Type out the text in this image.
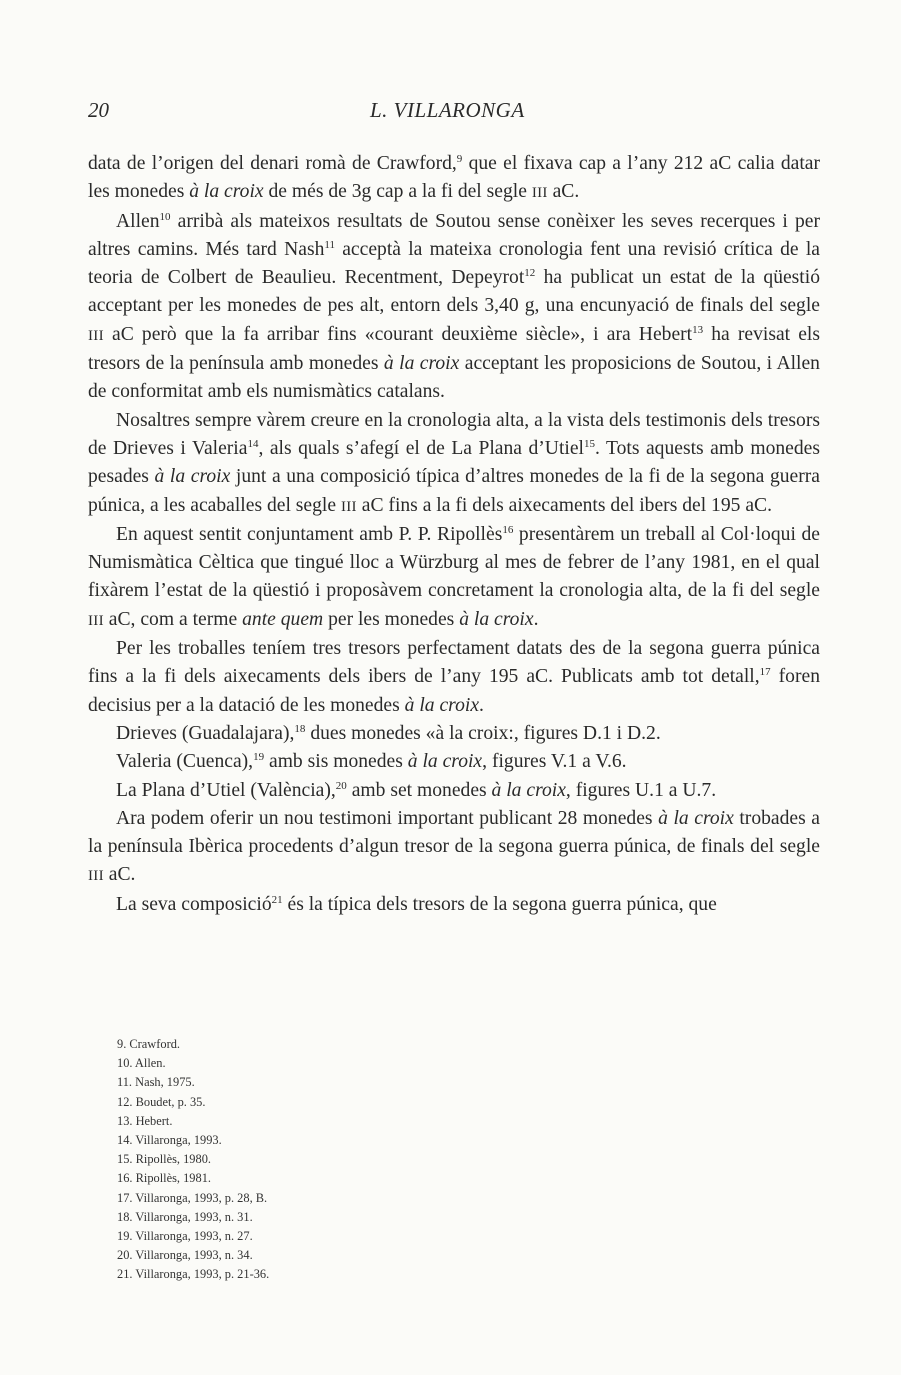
20	L. VILLARONGA

data de l’origen del denari romà de Crawford,$^9$ que el fixava cap a l’any 212 aC calia datar les monedes à la croix de més de 3g cap a la fi del segle III aC.

Allen$^{10}$ arribà als mateixos resultats de Soutou sense conèixer les seves recerques i per altres camins. Més tard Nash$^{11}$ acceptà la mateixa cronologia fent una revisió crítica de la teoria de Colbert de Beaulieu. Recentment, Depeyrot$^{12}$ ha publicat un estat de la qüestió acceptant per les monedes de pes alt, entorn dels 3,40 g, una encunyació de finals del segle III aC però que la fa arribar fins «courant deuxième siècle», i ara Hebert$^{13}$ ha revisat els tresors de la península amb monedes à la croix acceptant les proposicions de Soutou, i Allen de conformitat amb els numismàtics catalans.

Nosaltres sempre vàrem creure en la cronologia alta, a la vista dels testimonis dels tresors de Drieves i Valeria$^{14}$, als quals s’afegí el de La Plana d’Utiel$^{15}$. Tots aquests amb monedes pesades à la croix junt a una composició típica d’altres monedes de la fi de la segona guerra púnica, a les acaballes del segle III aC fins a la fi dels aixecaments del ibers del 195 aC.

En aquest sentit conjuntament amb P. P. Ripollès$^{16}$ presentàrem un treball al Col·loqui de Numismàtica Cèltica que tingué lloc a Würzburg al mes de febrer de l’any 1981, en el qual fixàrem l’estat de la qüestió i proposàvem concretament la cronologia alta, de la fi del segle III aC, com a terme ante quem per les monedes à la croix.

Per les troballes teníem tres tresors perfectament datats des de la segona guerra púnica fins a la fi dels aixecaments dels ibers de l’any 195 aC. Publicats amb tot detall,$^{17}$ foren decisius per a la datació de les monedes à la croix.

Drieves (Guadalajara),$^{18}$ dues monedes «à la croix:, figures D.1 i D.2.

Valeria (Cuenca),$^{19}$ amb sis monedes à la croix, figures V.1 a V.6.

La Plana d’Utiel (València),$^{20}$ amb set monedes à la croix, figures U.1 a U.7.

Ara podem oferir un nou testimoni important publicant 28 monedes à la croix trobades a la península Ibèrica procedents d’algun tresor de la segona guerra púnica, de finals del segle III aC.

La seva composició$^{21}$ és la típica dels tresors de la segona guerra púnica, que

9. Crawford.
10. Allen.
11. Nash, 1975.
12. Boudet, p. 35.
13. Hebert.
14. Villaronga, 1993.
15. Ripollès, 1980.
16. Ripollès, 1981.
17. Villaronga, 1993, p. 28, B.
18. Villaronga, 1993, n. 31.
19. Villaronga, 1993, n. 27.
20. Villaronga, 1993, n. 34.
21. Villaronga, 1993, p. 21-36.
